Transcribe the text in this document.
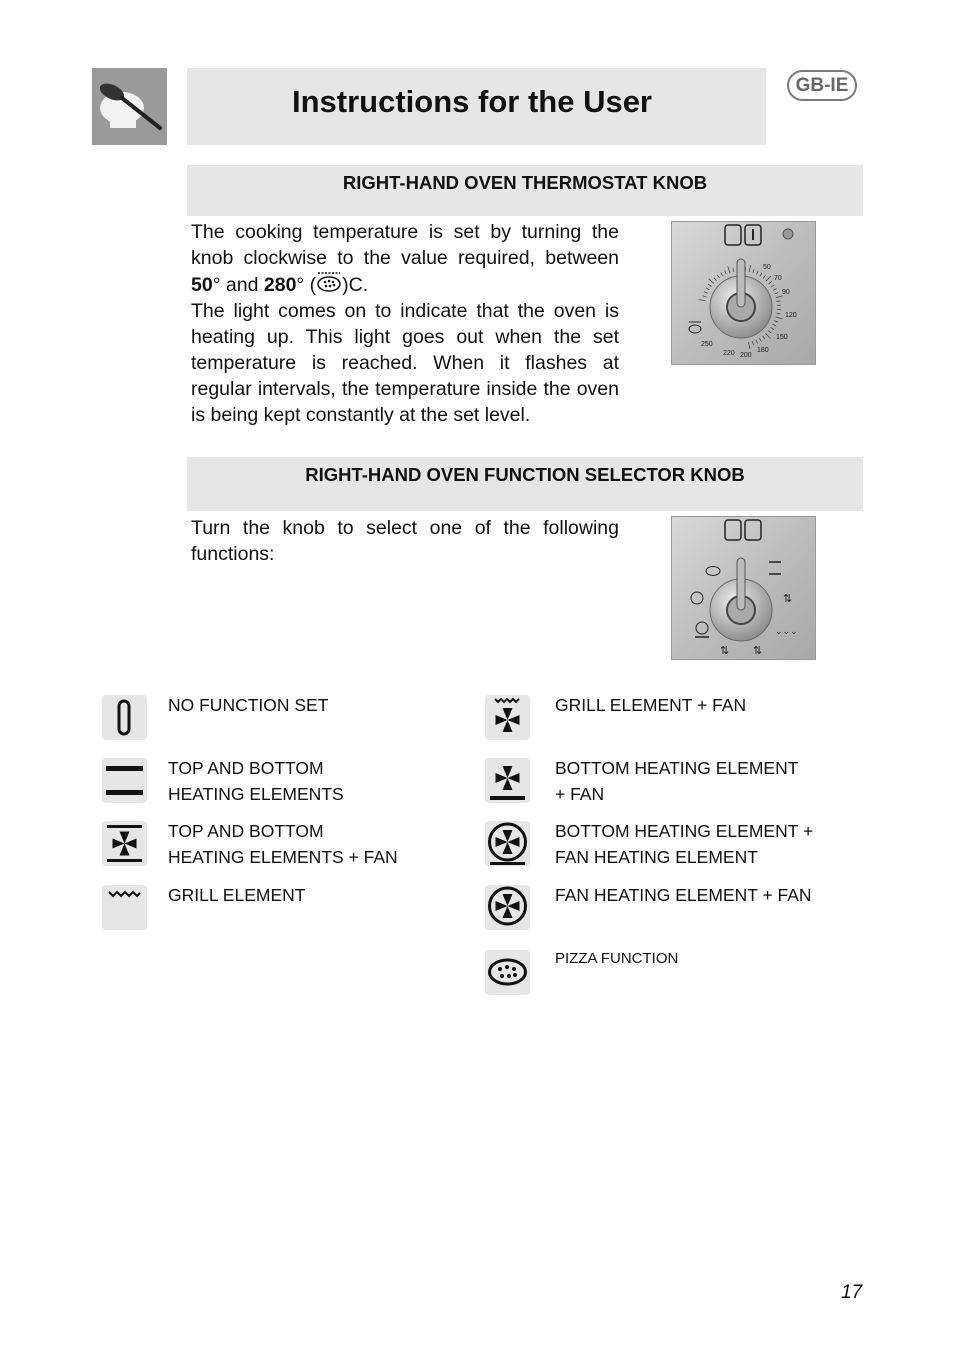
Instructions for the User	GB-IE
RIGHT-HAND OVEN THERMOSTAT KNOB

The cooking temperature is set by turning the knob clockwise to the value required, between 50° and 280° ( )C.

The light comes on to indicate that the oven is heating up. This light goes out when the set temperature is reached. When it flashes at regular intervals, the temperature inside the oven is being kept constantly at the set level.

50
70
90
120
150
180
200
220
250
RIGHT-HAND OVEN FUNCTION SELECTOR KNOB
Turn the knob to select one of the following functions:
⇅
⌄⌄⌄
⇅ ⇅
NO FUNCTION SET
TOP AND BOTTOM
HEATING ELEMENTS
TOP AND BOTTOM
HEATING ELEMENTS + FAN
GRILL ELEMENT
GRILL ELEMENT + FAN
BOTTOM HEATING ELEMENT
+ FAN
BOTTOM HEATING ELEMENT +
FAN HEATING ELEMENT
FAN HEATING ELEMENT + FAN
PIZZA FUNCTION
17
